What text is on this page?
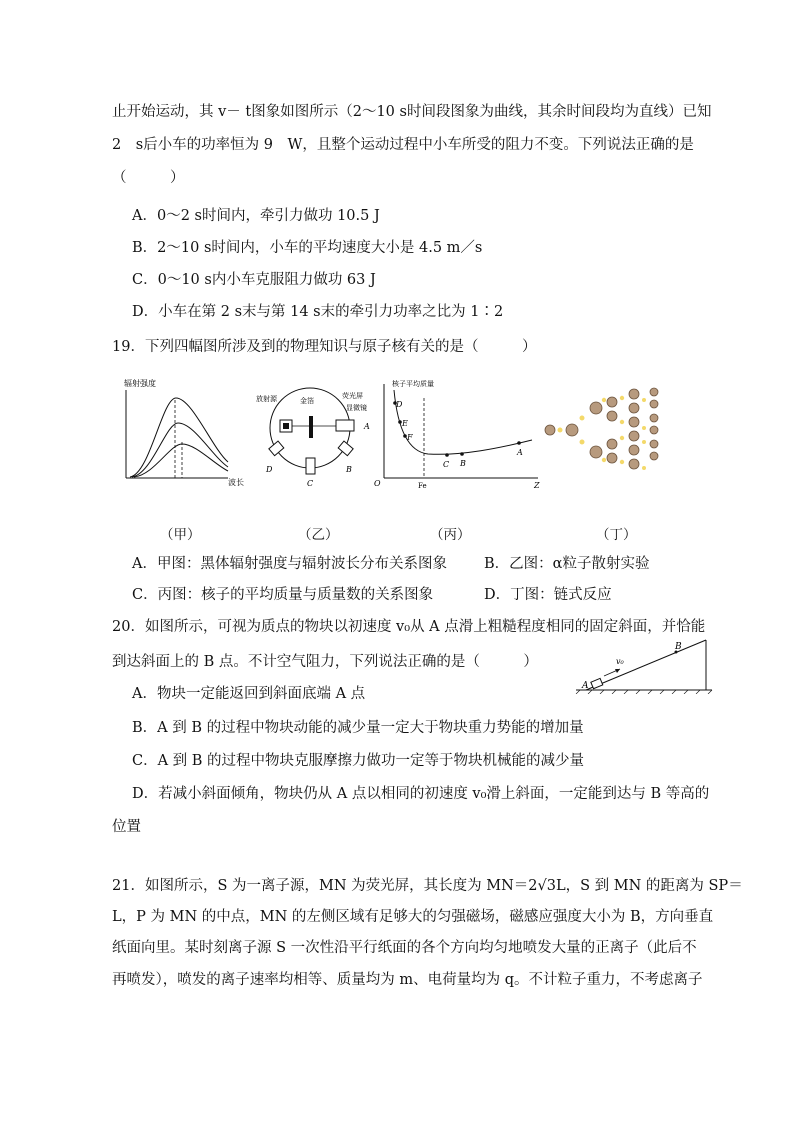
止开始运动，其 v－ t图象如图所示（2～10 s时间段图象为曲线，其余时间段均为直线）已知
2　s后小车的功率恒为 9　W，且整个运动过程中小车所受的阻力不变。下列说法正确的是
（　　　）
A．0～2 s时间内，牵引力做功 10.5 J
B．2～10 s时间内，小车的平均速度大小是 4.5 m／s
C．0～10 s内小车克服阻力做功 63 J
D．小车在第 2 s末与第 14 s末的牵引力功率之比为 1∶2
19．下列四幅图所涉及到的物理知识与原子核有关的是（　　　）
辐射强度
波长
放射源	金箔
荧光屏
显微镜
A
B
C
D
核子平均质量
O	Fe	Z
D
E
F
C B
A
（甲）	（乙）	（丙）	（丁）
A．甲图：黑体辐射强度与辐射波长分布关系图象	B．乙图：α粒子散射实验
C．丙图：核子的平均质量与质量数的关系图象	D．丁图：链式反应
20．如图所示，可视为质点的物块以初速度 v₀从 A 点滑上粗糙程度相同的固定斜面，并恰能
到达斜面上的 B 点。不计空气阻力，下列说法正确的是（　　　）
A
B
v₀
A．物块一定能返回到斜面底端 A 点
B．A 到 B 的过程中物块动能的减少量一定大于物块重力势能的增加量
C．A 到 B 的过程中物块克服摩擦力做功一定等于物块机械能的减少量
D．若减小斜面倾角，物块仍从 A 点以相同的初速度 v₀滑上斜面，一定能到达与 B 等高的
位置
21．如图所示，S 为一离子源，MN 为荧光屏，其长度为 MN＝2√3L，S 到 MN 的距离为 SP＝
L，P 为 MN 的中点，MN 的左侧区域有足够大的匀强磁场，磁感应强度大小为 B，方向垂直
纸面向里。某时刻离子源 S 一次性沿平行纸面的各个方向均匀地喷发大量的正离子（此后不
再喷发），喷发的离子速率均相等、质量均为 m、电荷量均为 q。不计粒子重力，不考虑离子
